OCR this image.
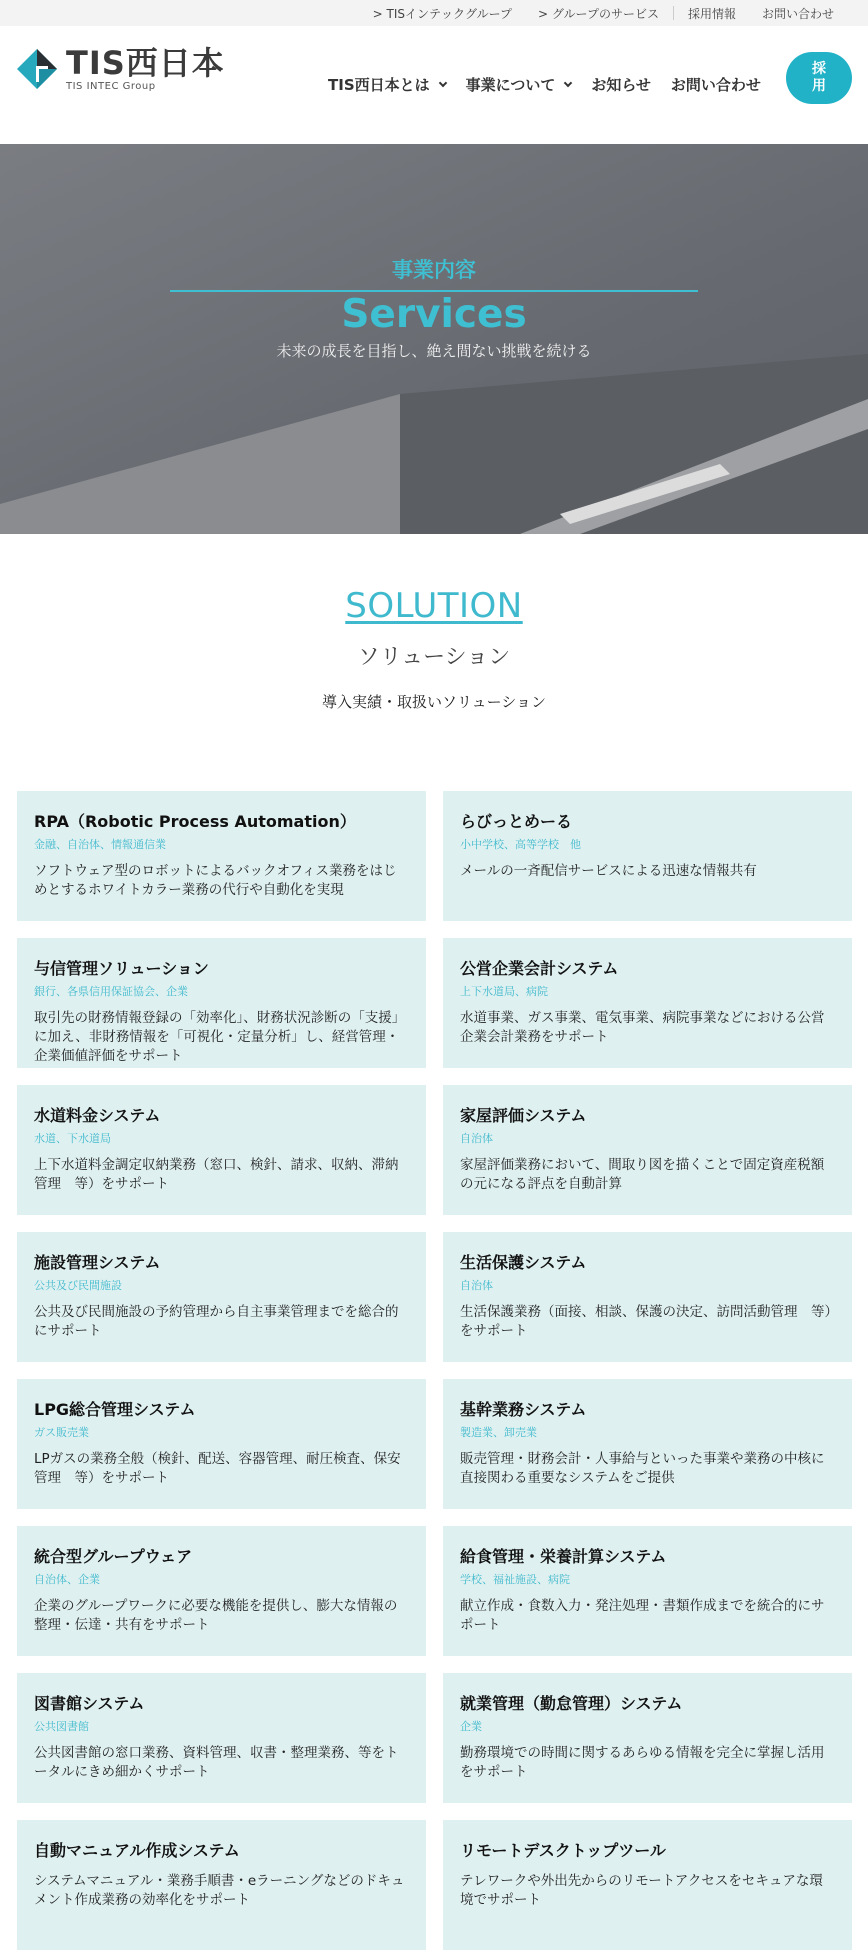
> TISインテックグループ > グループのサービス 採用情報 お問い合わせ
TIS西日本
TIS INTEC Group	TIS西日本とは 事業について お知らせ お問い合わせ
採
用
事業内容
Services
未来の成長を目指し、絶え間ない挑戦を続ける
SOLUTION
ソリューション
導入実績・取扱いソリューション
RPA（Robotic Process Automation）
金融、自治体、情報通信業
ソフトウェア型のロボットによるバックオフィス業務をはじめとするホワイトカラー業務の代行や自動化を実現
らびっとめーる
小中学校、高等学校　他
メールの一斉配信サービスによる迅速な情報共有
与信管理ソリューション
銀行、各県信用保証協会、企業
取引先の財務情報登録の「効率化」、財務状況診断の「支援」に加え、非財務情報を「可視化・定量分析」し、経営管理・企業価値評価をサポート
公営企業会計システム
上下水道局、病院
水道事業、ガス事業、電気事業、病院事業などにおける公営企業会計業務をサポート
水道料金システム
水道、下水道局
上下水道料金調定収納業務（窓口、検針、請求、収納、滞納管理　等）をサポート
家屋評価システム
自治体
家屋評価業務において、間取り図を描くことで固定資産税額の元になる評点を自動計算
施設管理システム
公共及び民間施設
公共及び民間施設の予約管理から自主事業管理までを総合的にサポート
生活保護システム
自治体
生活保護業務（面接、相談、保護の決定、訪問活動管理　等）をサポート
LPG総合管理システム
ガス販売業
LPガスの業務全般（検針、配送、容器管理、耐圧検査、保安管理　等）をサポート
基幹業務システム
製造業、卸売業
販売管理・財務会計・人事給与といった事業や業務の中核に直接関わる重要なシステムをご提供
統合型グループウェア
自治体、企業
企業のグループワークに必要な機能を提供し、膨大な情報の整理・伝達・共有をサポート
給食管理・栄養計算システム
学校、福祉施設、病院
献立作成・食数入力・発注処理・書類作成までを統合的にサポート
図書館システム
公共図書館
公共図書館の窓口業務、資料管理、収書・整理業務、等をトータルにきめ細かくサポート
就業管理（勤怠管理）システム
企業
勤務環境での時間に関するあらゆる情報を完全に掌握し活用をサポート
自動マニュアル作成システム
システムマニュアル・業務手順書・eラーニングなどのドキュメント作成業務の効率化をサポート
リモートデスクトップツール
テレワークや外出先からのリモートアクセスをセキュアな環境でサポート
